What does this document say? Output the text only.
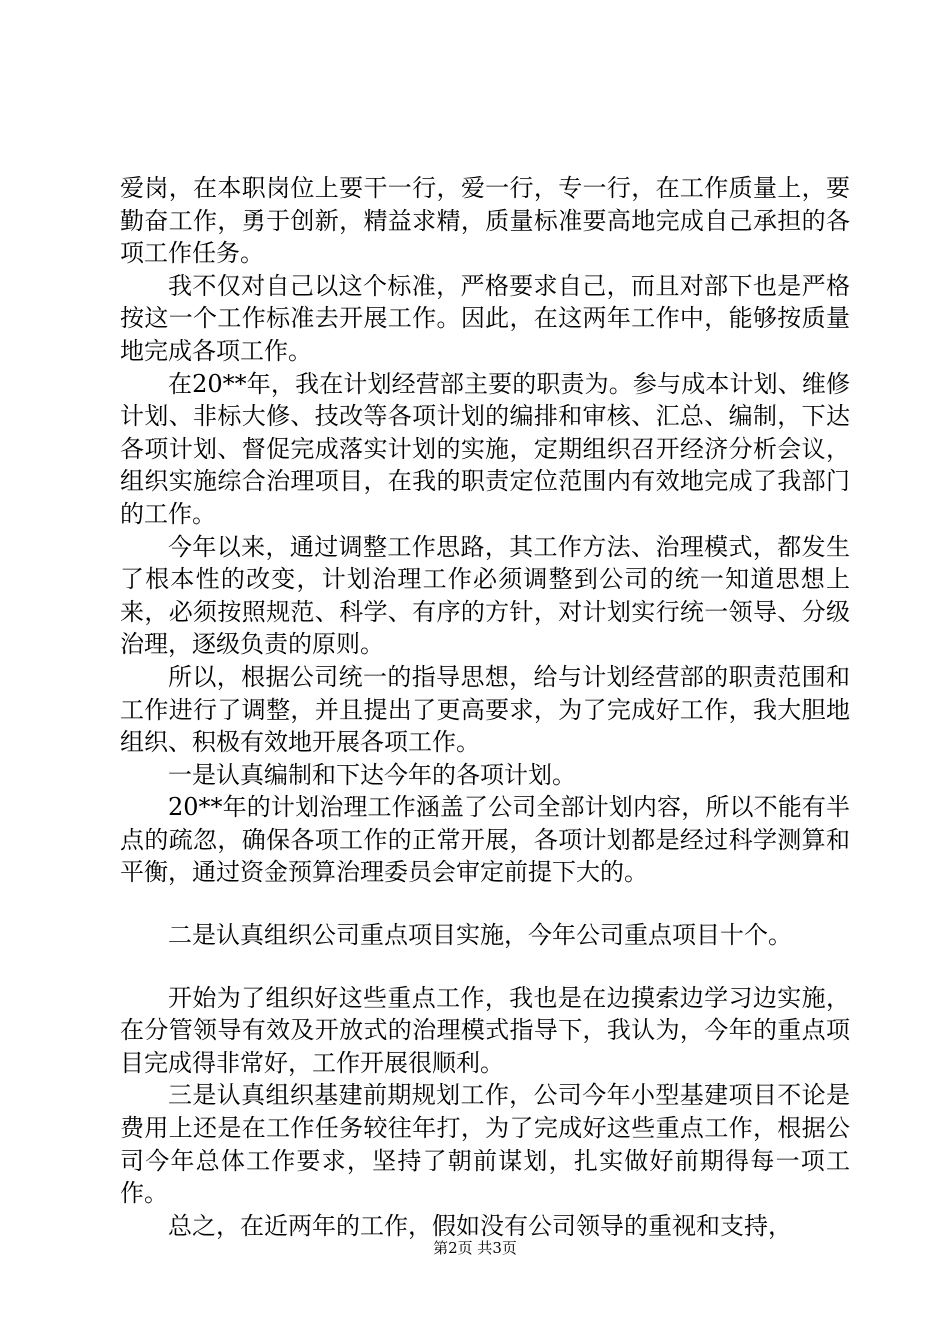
爱岗，在本职岗位上要干一行，爱一行，专一行，在工作质量上，要勤奋工作，勇于创新，精益求精，质量标准要高地完成自己承担的各项工作任务。

我不仅对自己以这个标准，严格要求自己，而且对部下也是严格按这一个工作标准去开展工作。因此，在这两年工作中，能够按质量地完成各项工作。

在20**年，我在计划经营部主要的职责为。参与成本计划、维修计划、非标大修、技改等各项计划的编排和审核、汇总、编制，下达各项计划、督促完成落实计划的实施，定期组织召开经济分析会议，组织实施综合治理项目，在我的职责定位范围内有效地完成了我部门的工作。

今年以来，通过调整工作思路，其工作方法、治理模式，都发生了根本性的改变，计划治理工作必须调整到公司的统一知道思想上来，必须按照规范、科学、有序的方针，对计划实行统一领导、分级治理，逐级负责的原则。

所以，根据公司统一的指导思想，给与计划经营部的职责范围和工作进行了调整，并且提出了更高要求，为了完成好工作，我大胆地组织、积极有效地开展各项工作。

一是认真编制和下达今年的各项计划。

20**年的计划治理工作涵盖了公司全部计划内容，所以不能有半点的疏忽，确保各项工作的正常开展，各项计划都是经过科学测算和平衡，通过资金预算治理委员会审定前提下大的。

二是认真组织公司重点项目实施，今年公司重点项目十个。

开始为了组织好这些重点工作，我也是在边摸索边学习边实施，在分管领导有效及开放式的治理模式指导下，我认为，今年的重点项目完成得非常好，工作开展很顺利。

三是认真组织基建前期规划工作，公司今年小型基建项目不论是费用上还是在工作任务较往年打，为了完成好这些重点工作，根据公司今年总体工作要求，坚持了朝前谋划，扎实做好前期得每一项工作。

总之，在近两年的工作，假如没有公司领导的重视和支持，

第2页 共3页
